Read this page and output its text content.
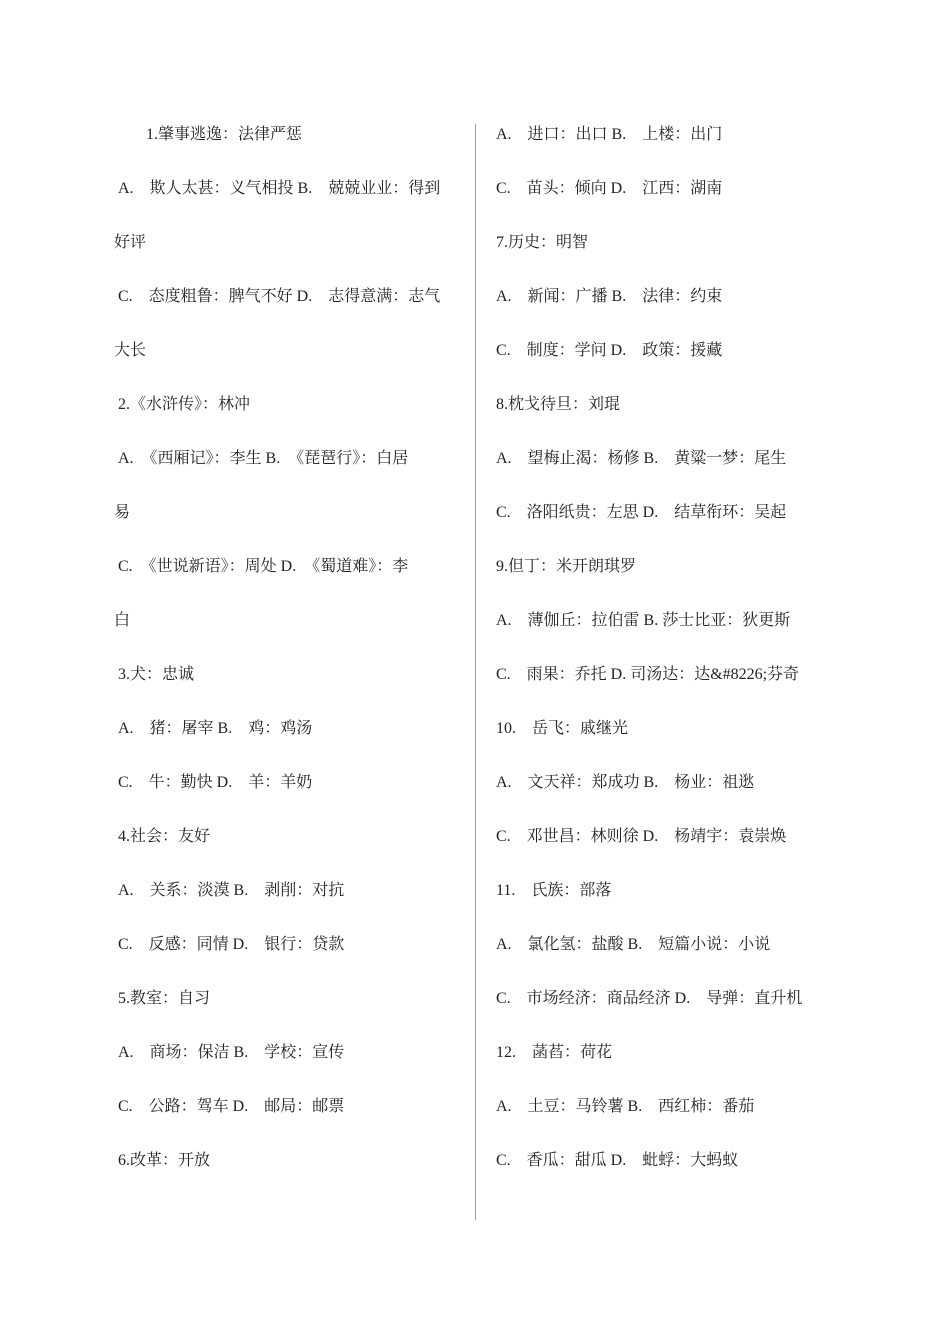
1.肇事逃逸：法律严惩
A.　欺人太甚：义气相投 B.　兢兢业业：得到
好评
C.　态度粗鲁：脾气不好 D.　志得意满：志气
大长
2.《水浒传》：林冲
A.　《西厢记》：李生 B.　《琵琶行》：白居
易
C.　《世说新语》：周处 D.　《蜀道难》：李
白
3.犬：忠诚
A.　猪：屠宰 B.　鸡：鸡汤
C.　牛：勤快 D.　羊：羊奶
4.社会：友好
A.　关系：淡漠 B.　剥削：对抗
C.　反感：同情 D.　银行：贷款
5.教室：自习
A.　商场：保洁 B.　学校：宣传
C.　公路：驾车 D.　邮局：邮票
6.改革：开放
A.　进口：出口 B.　上楼：出门
C.　苗头：倾向 D.　江西：湖南
7.历史：明智
A.　新闻：广播 B.　法律：约束
C.　制度：学问 D.　政策：援藏
8.枕戈待旦：刘琨
A.　望梅止渴：杨修 B.　黄粱一梦：尾生
C.　洛阳纸贵：左思 D.　结草衔环：吴起
9.但丁：米开朗琪罗
A.　薄伽丘：拉伯雷 B. 莎士比亚：狄更斯
C.　雨果：乔托 D. 司汤达：达&#8226;芬奇
10.　岳飞：戚继光
A.　文天祥：郑成功 B.　杨业：祖逖
C.　邓世昌：林则徐 D.　杨靖宇：袁崇焕
11.　氏族：部落
A.　氯化氢：盐酸 B.　短篇小说：小说
C.　市场经济：商品经济 D.　导弹：直升机
12.　菡萏：荷花
A.　土豆：马铃薯 B.　西红柿：番茄
C.　香瓜：甜瓜 D.　蚍蜉：大蚂蚁
